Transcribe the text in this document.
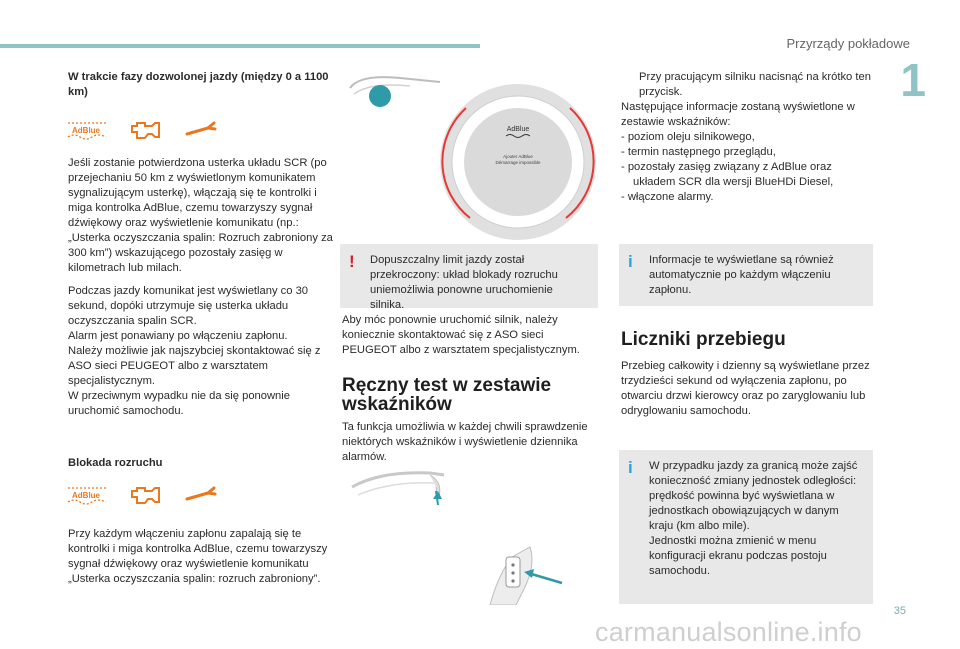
Przyrządy pokładowe
1
W trakcie fazy dozwolonej jazdy (między 0 a 1100 km)
AdBlue

Jeśli zostanie potwierdzona usterka układu SCR (po przejechaniu 50 km z wyświetlonym komunikatem sygnalizującym usterkę), włączają się te kontrolki i miga kontrolka AdBlue, czemu towarzyszy sygnał dźwiękowy oraz wyświetlenie komunikatu (np.: „Usterka oczyszczania spalin: Rozruch zabroniony za 300 km”) wskazującego pozostały zasięg w kilometrach lub milach.

Podczas jazdy komunikat jest wyświetlany co 30 sekund, dopóki utrzymuje się usterka układu oczyszczania spalin SCR.

Alarm jest ponawiany po włączeniu zapłonu.
Należy możliwie jak najszybciej skontaktować się z ASO sieci PEUGEOT albo z warsztatem specjalistycznym.
W przeciwnym wypadku nie da się ponownie uruchomić samochodu.
Blokada rozruchu
AdBlue
Przy każdym włączeniu zapłonu zapalają się te kontrolki i miga kontrolka AdBlue, czemu towarzyszy sygnał dźwiękowy oraz wyświetlenie komunikatu „Usterka oczyszczania spalin: rozruch zabroniony”.
AdBlue
Ajouter AdBlue
Démarrage impossible
! Dopuszczalny limit jazdy został przekroczony: układ blokady rozruchu uniemożliwia ponowne uruchomienie silnika.
Aby móc ponownie uruchomić silnik, należy koniecznie skontaktować się z ASO sieci PEUGEOT albo z warsztatem specjalistycznym.
Ręczny test w zestawie wskaźników
Ta funkcja umożliwia w każdej chwili sprawdzenie niektórych wskaźników i wyświetlenie dziennika alarmów.
Przy pracującym silniku nacisnąć na krótko ten przycisk.
Następujące informacje zostaną wyświetlone w zestawie wskaźników:
- poziom oleju silnikowego,
- termin następnego przeglądu,
- pozostały zasięg związany z AdBlue oraz układem SCR dla wersji BlueHDi Diesel,
- włączone alarmy.
i Informacje te wyświetlane są również automatycznie po każdym włączeniu zapłonu.
Liczniki przebiegu
Przebieg całkowity i dzienny są wyświetlane przez trzydzieści sekund od wyłączenia zapłonu, po otwarciu drzwi kierowcy oraz po zaryglowaniu lub odryglowaniu samochodu.
i W przypadku jazdy za granicą może zajść konieczność zmiany jednostek odległości: prędkość powinna być wyświetlana w jednostkach obowiązujących w danym kraju (km albo mile).
Jednostki można zmienić w menu konfiguracji ekranu podczas postoju samochodu.
35
carmanualsonline.info
